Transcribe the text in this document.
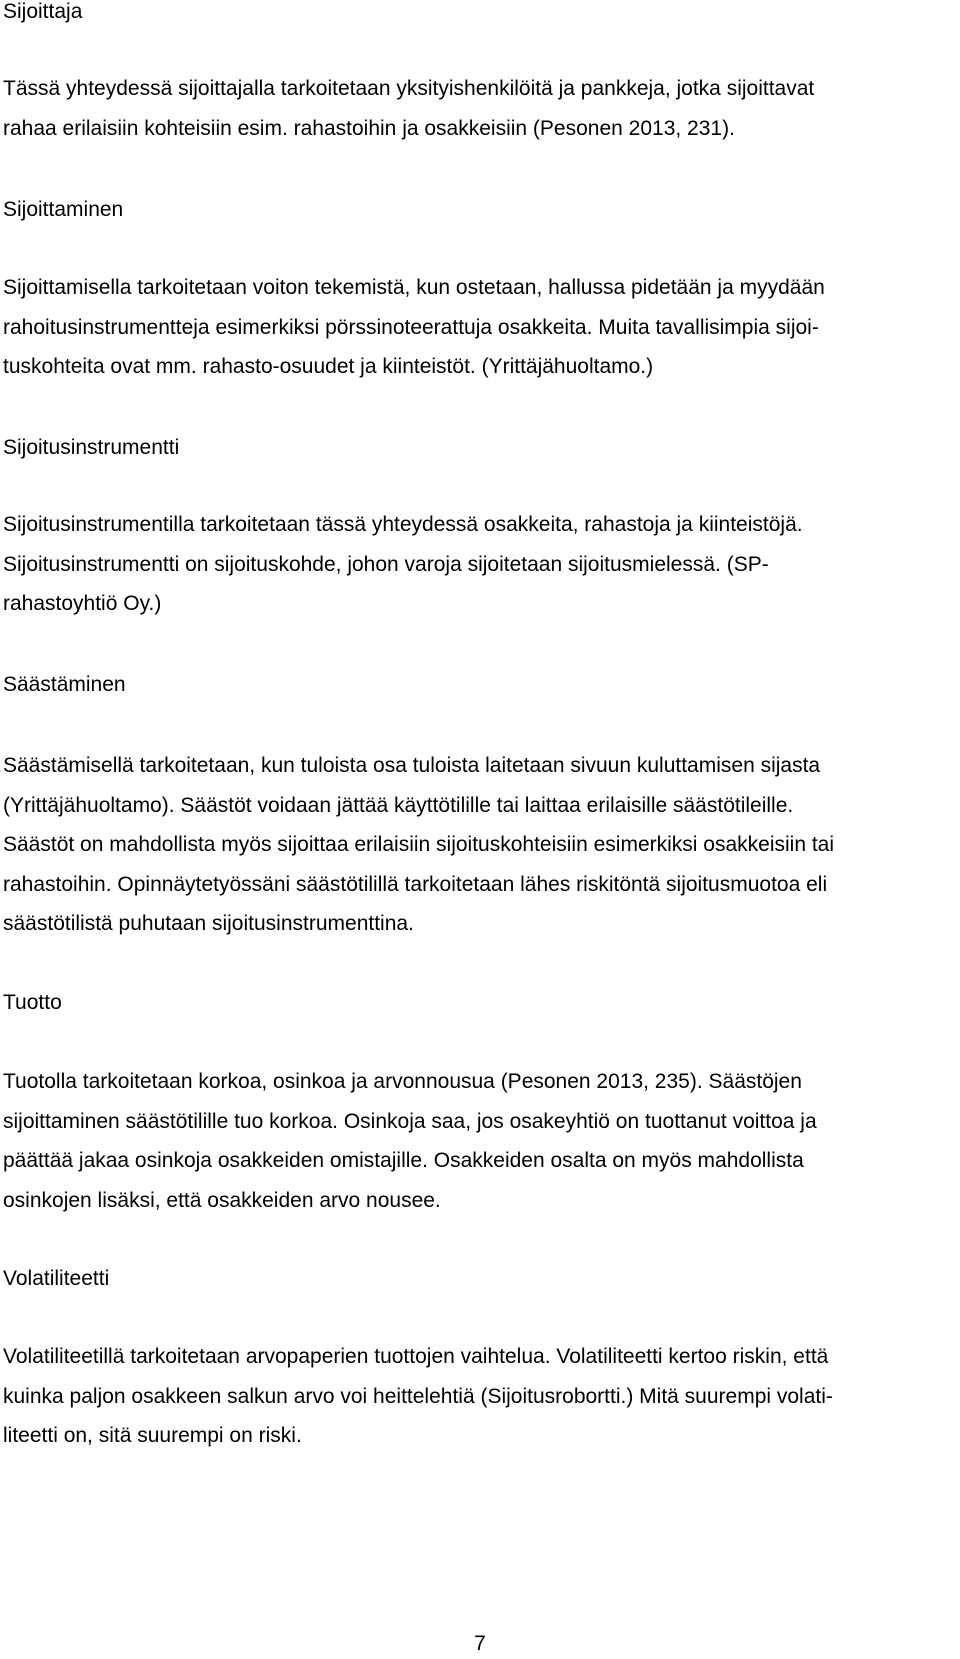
Sijoittaja

Tässä yhteydessä sijoittajalla tarkoitetaan yksityishenkilöitä ja pankkeja, jotka sijoittavat
rahaa erilaisiin kohteisiin esim. rahastoihin ja osakkeisiin (Pesonen 2013, 231).

Sijoittaminen

Sijoittamisella tarkoitetaan voiton tekemistä, kun ostetaan, hallussa pidetään ja myydään
rahoitusinstrumentteja esimerkiksi pörssinoteerattuja osakkeita. Muita tavallisimpia sijoi-
tuskohteita ovat mm. rahasto-osuudet ja kiinteistöt. (Yrittäjähuoltamo.)

Sijoitusinstrumentti

Sijoitusinstrumentilla tarkoitetaan tässä yhteydessä osakkeita, rahastoja ja kiinteistöjä.
Sijoitusinstrumentti on sijoituskohde, johon varoja sijoitetaan sijoitusmielessä. (SP-
rahastoyhtiö Oy.)

Säästäminen

Säästämisellä tarkoitetaan, kun tuloista osa tuloista laitetaan sivuun kuluttamisen sijasta
(Yrittäjähuoltamo). Säästöt voidaan jättää käyttötilille tai laittaa erilaisille säästötileille.
Säästöt on mahdollista myös sijoittaa erilaisiin sijoituskohteisiin esimerkiksi osakkeisiin tai
rahastoihin. Opinnäytetyössäni säästötilillä tarkoitetaan lähes riskitöntä sijoitusmuotoa eli
säästötilistä puhutaan sijoitusinstrumenttina.

Tuotto

Tuotolla tarkoitetaan korkoa, osinkoa ja arvonnousua (Pesonen 2013, 235). Säästöjen
sijoittaminen säästötilille tuo korkoa. Osinkoja saa, jos osakeyhtiö on tuottanut voittoa ja
päättää jakaa osinkoja osakkeiden omistajille. Osakkeiden osalta on myös mahdollista
osinkojen lisäksi, että osakkeiden arvo nousee.

Volatiliteetti

Volatiliteetillä tarkoitetaan arvopaperien tuottojen vaihtelua. Volatiliteetti kertoo riskin, että
kuinka paljon osakkeen salkun arvo voi heittelehtiä (Sijoitusrobortti.) Mitä suurempi volati-
liteetti on, sitä suurempi on riski.

7
